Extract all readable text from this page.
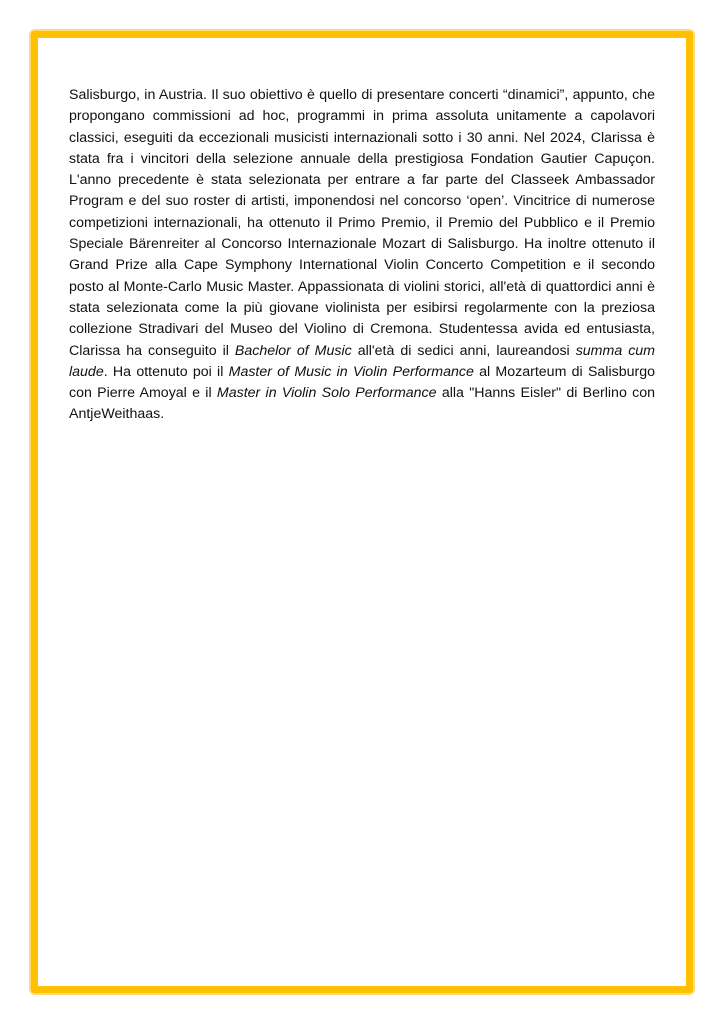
Salisburgo, in Austria. Il suo obiettivo è quello di presentare concerti “dinamici”, appunto, che propongano commissioni ad hoc, programmi in prima assoluta unitamente a capolavori classici, eseguiti da eccezionali musicisti internazionali sotto i 30 anni. Nel 2024, Clarissa è stata fra i vincitori della selezione annuale della prestigiosa Fondation Gautier Capuçon. L'anno precedente è stata selezionata per entrare a far parte del Classeek Ambassador Program e del suo roster di artisti, imponendosi nel concorso ‘open’. Vincitrice di numerose competizioni internazionali, ha ottenuto il Primo Premio, il Premio del Pubblico e il Premio Speciale Bärenreiter al Concorso Internazionale Mozart di Salisburgo. Ha inoltre ottenuto il Grand Prize alla Cape Symphony International Violin Concerto Competition e il secondo posto al Monte-Carlo Music Master. Appassionata di violini storici, all'età di quattordici anni è stata selezionata come la più giovane violinista per esibirsi regolarmente con la preziosa collezione Stradivari del Museo del Violino di Cremona. Studentessa avida ed entusiasta, Clarissa ha conseguito il Bachelor of Music all'età di sedici anni, laureandosi summa cum laude. Ha ottenuto poi il Master of Music in Violin Performance al Mozarteum di Salisburgo con Pierre Amoyal e il Master in Violin Solo Performance alla "Hanns Eisler" di Berlino con AntjeWeithaas.
